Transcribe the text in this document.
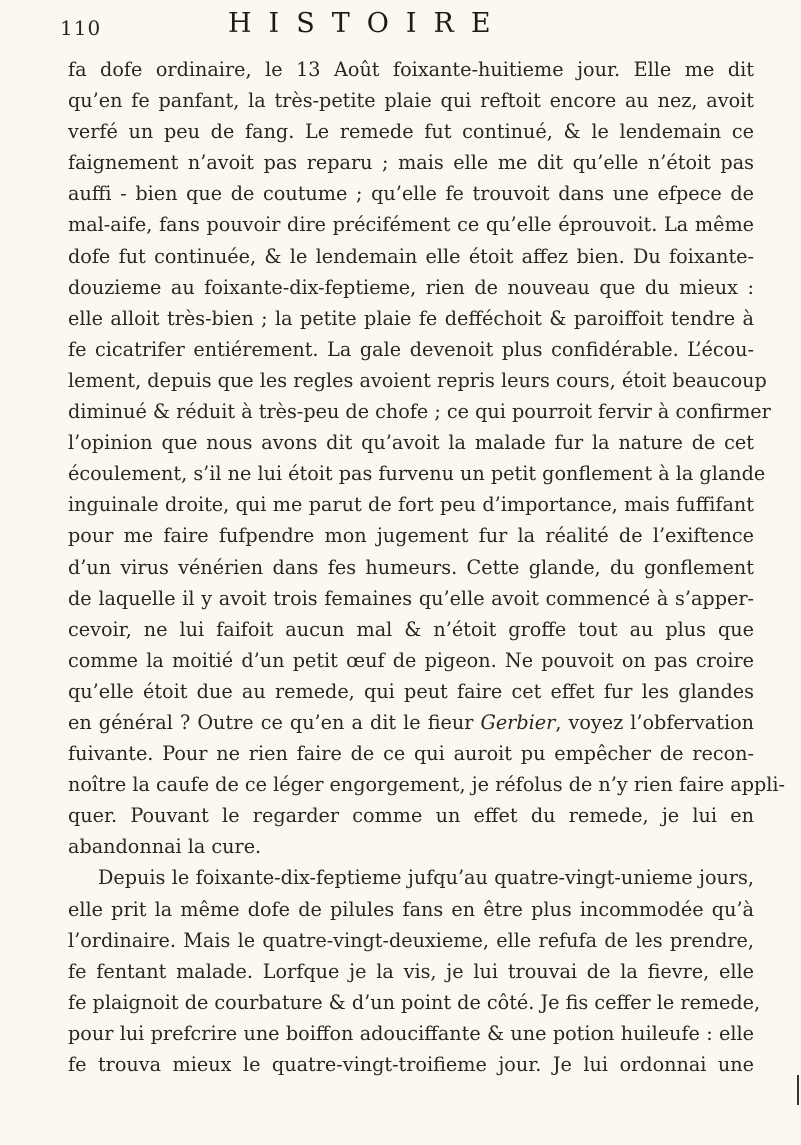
110	HISTOIRE
fa dofe ordinaire, le 13 Août foixante-huitieme jour. Elle me dit
qu’en fe panfant, la très-petite plaie qui reftoit encore au nez, avoit
verfé un peu de fang. Le remede fut continué, & le lendemain ce
faignement n’avoit pas reparu ; mais elle me dit qu’elle n’étoit pas
auffi - bien que de coutume ; qu’elle fe trouvoit dans une efpece de
mal-aife, fans pouvoir dire précifément ce qu’elle éprouvoit. La même
dofe fut continuée, & le lendemain elle étoit affez bien. Du foixante-
douzieme au foixante-dix-feptieme, rien de nouveau que du mieux :
elle alloit très-bien ; la petite plaie fe defféchoit & paroiffoit tendre à
fe cicatrifer entiérement. La gale devenoit plus confidérable. L’écou-
lement, depuis que les regles avoient repris leurs cours, étoit beaucoup
diminué & réduit à très-peu de chofe ; ce qui pourroit fervir à confirmer
l’opinion que nous avons dit qu’avoit la malade fur la nature de cet
écoulement, s’il ne lui étoit pas furvenu un petit gonflement à la glande
inguinale droite, qui me parut de fort peu d’importance, mais fuffifant
pour me faire fufpendre mon jugement fur la réalité de l’exiftence
d’un virus vénérien dans fes humeurs. Cette glande, du gonflement
de laquelle il y avoit trois femaines qu’elle avoit commencé à s’apper-
cevoir, ne lui faifoit aucun mal & n’étoit groffe tout au plus que
comme la moitié d’un petit œuf de pigeon. Ne pouvoit on pas croire
qu’elle étoit due au remede, qui peut faire cet effet fur les glandes
en général ? Outre ce qu’en a dit le fieur Gerbier, voyez l’obfervation
fuivante. Pour ne rien faire de ce qui auroit pu empêcher de recon-
noître la caufe de ce léger engorgement, je réfolus de n’y rien faire appli-
quer. Pouvant le regarder comme un effet du remede, je lui en
abandonnai la cure.
Depuis le foixante-dix-feptieme jufqu’au quatre-vingt-unieme jours,
elle prit la même dofe de pilules fans en être plus incommodée qu’à
l’ordinaire. Mais le quatre-vingt-deuxieme, elle refufa de les prendre,
fe fentant malade. Lorfque je la vis, je lui trouvai de la fievre, elle
fe plaignoit de courbature & d’un point de côté. Je fis ceffer le remede,
pour lui prefcrire une boiffon adouciffante & une potion huileufe : elle
fe trouva mieux le quatre-vingt-troifieme jour. Je lui ordonnai une
